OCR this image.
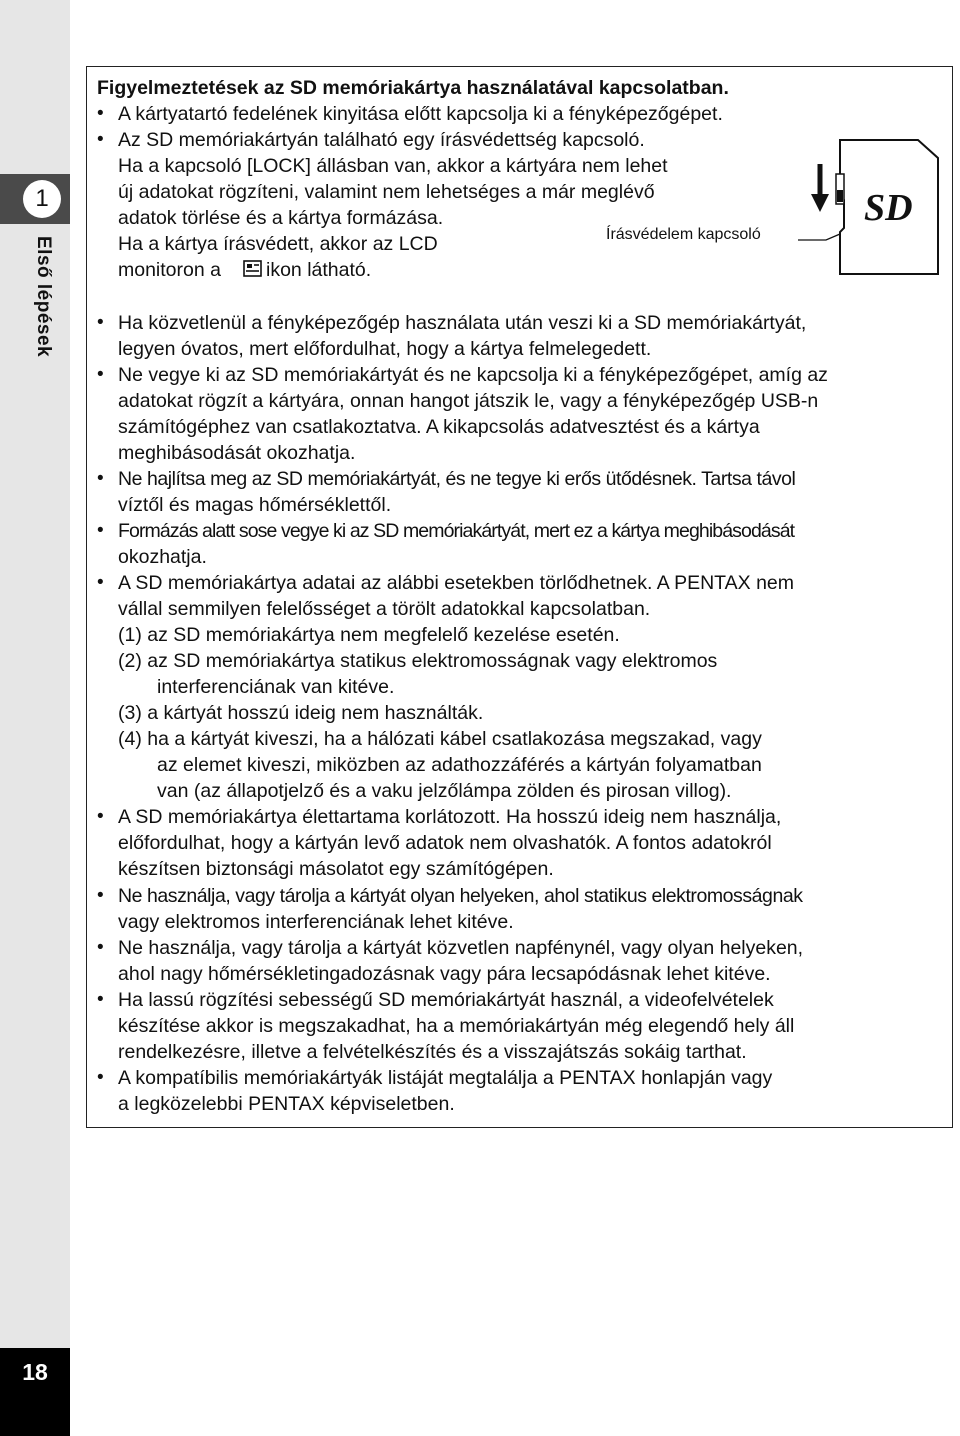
1
Első lépések
18
Figyelmeztetések az SD memóriakártya használatával kapcsolatban.
•
•
•
•
•
•
•
•
•
•
•
•
A kártyatartó fedelének kinyitása előtt kapcsolja ki a fényképezőgépet.
Az SD memóriakártyán található egy írásvédettség kapcsoló.
Ha a kapcsoló [LOCK] állásban van, akkor a kártyára nem lehet
új adatokat rögzíteni, valamint nem lehetséges a már meglévő
adatok törlése és a kártya formázása.
Ha a kártya írásvédett, akkor az LCD
monitoron a ikon látható.
Ha közvetlenül a fényképezőgép használata után veszi ki a SD memóriakártyát,
legyen óvatos, mert előfordulhat, hogy a kártya felmelegedett.
Ne vegye ki az SD memóriakártyát és ne kapcsolja ki a fényképezőgépet, amíg az
adatokat rögzít a kártyára, onnan hangot játszik le, vagy a fényképezőgép USB-n
számítógéphez van csatlakoztatva. A kikapcsolás adatvesztést és a kártya
meghibásodását okozhatja.
Ne hajlítsa meg az SD memóriakártyát, és ne tegye ki erős ütődésnek. Tartsa távol
víztől és magas hőmérséklettől.
Formázás alatt sose vegye ki az SD memóriakártyát, mert ez a kártya meghibásodását
okozhatja.
A SD memóriakártya adatai az alábbi esetekben törlődhetnek. A PENTAX nem
vállal semmilyen felelősséget a törölt adatokkal kapcsolatban.
(1) az SD memóriakártya nem megfelelő kezelése esetén.
(2) az SD memóriakártya statikus elektromosságnak vagy elektromos
interferenciának van kitéve.
(3) a kártyát hosszú ideig nem használták.
(4) ha a kártyát kiveszi, ha a hálózati kábel csatlakozása megszakad, vagy
az elemet kiveszi, miközben az adathozzáférés a kártyán folyamatban
van (az állapotjelző és a vaku jelzőlámpa zölden és pirosan villog).
A SD memóriakártya élettartama korlátozott. Ha hosszú ideig nem használja,
előfordulhat, hogy a kártyán levő adatok nem olvashatók. A fontos adatokról
készítsen biztonsági másolatot egy számítógépen.
Ne használja, vagy tárolja a kártyát olyan helyeken, ahol statikus elektromosságnak
vagy elektromos interferenciának lehet kitéve.
Ne használja, vagy tárolja a kártyát közvetlen napfénynél, vagy olyan helyeken,
ahol nagy hőmérsékletingadozásnak vagy pára lecsapódásnak lehet kitéve.
Ha lassú rögzítési sebességű SD memóriakártyát használ, a videofelvételek
készítése akkor is megszakadhat, ha a memóriakártyán még elegendő hely áll
rendelkezésre, illetve a felvételkészítés és a visszajátszás sokáig tarthat.
A kompatíbilis memóriakártyák listáját megtalálja a PENTAX honlapján vagy
a legközelebbi PENTAX képviseletben.
Írásvédelem kapcsoló
SD
